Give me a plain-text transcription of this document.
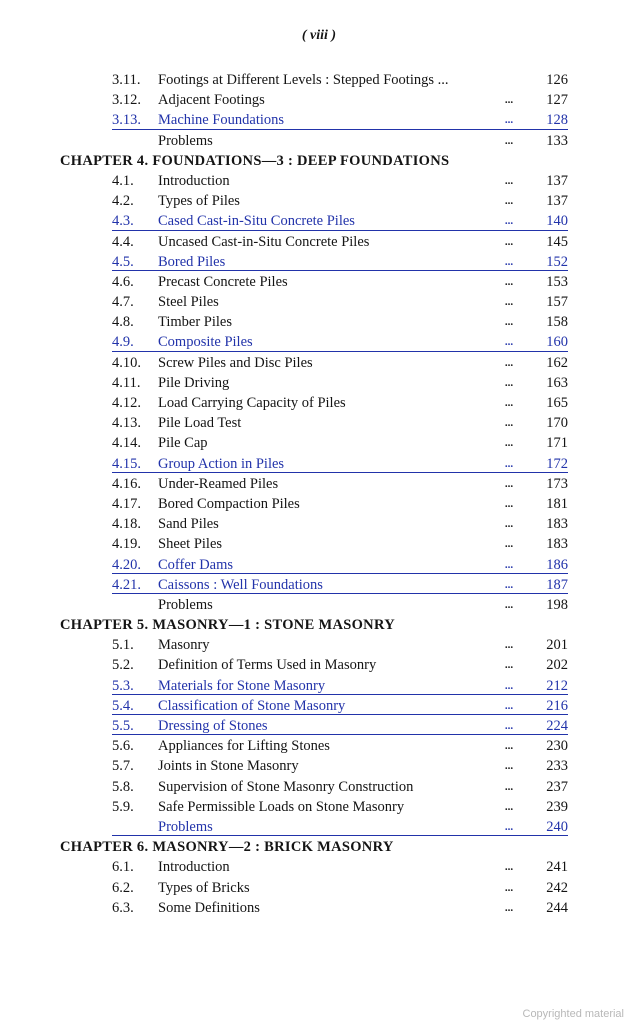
( viii )
3.11.	Footings at Different Levels : Stepped Footings ...	126
3.12.	Adjacent Footings	...	127
3.13.	Machine Foundations	...	128
Problems	...	133
CHAPTER 4. FOUNDATIONS—3 : DEEP FOUNDATIONS
4.1.	Introduction	...	137
4.2.	Types of Piles	...	137
4.3.	Cased Cast-in-Situ Concrete Piles	...	140
4.4.	Uncased Cast-in-Situ Concrete Piles	...	145
4.5.	Bored Piles	...	152
4.6.	Precast Concrete Piles	...	153
4.7.	Steel Piles	...	157
4.8.	Timber Piles	...	158
4.9.	Composite Piles	...	160
4.10.	Screw Piles and Disc Piles	...	162
4.11.	Pile Driving	...	163
4.12.	Load Carrying Capacity of Piles	...	165
4.13.	Pile Load Test	...	170
4.14.	Pile Cap	...	171
4.15.	Group Action in Piles	...	172
4.16.	Under-Reamed Piles	...	173
4.17.	Bored Compaction Piles	...	181
4.18.	Sand Piles	...	183
4.19.	Sheet Piles	...	183
4.20.	Coffer Dams	...	186
4.21.	Caissons : Well Foundations	...	187
Problems	...	198
CHAPTER 5. MASONRY—1 : STONE MASONRY
5.1.	Masonry	...	201
5.2.	Definition of Terms Used in Masonry	...	202
5.3.	Materials for Stone Masonry	...	212
5.4.	Classification of Stone Masonry	...	216
5.5.	Dressing of Stones	...	224
5.6.	Appliances for Lifting Stones	...	230
5.7.	Joints in Stone Masonry	...	233
5.8.	Supervision of Stone Masonry Construction	...	237
5.9.	Safe Permissible Loads on Stone Masonry	...	239
Problems	...	240
CHAPTER 6. MASONRY—2 : BRICK MASONRY
6.1.	Introduction	...	241
6.2.	Types of Bricks	...	242
6.3.	Some Definitions	...	244
Copyrighted material
